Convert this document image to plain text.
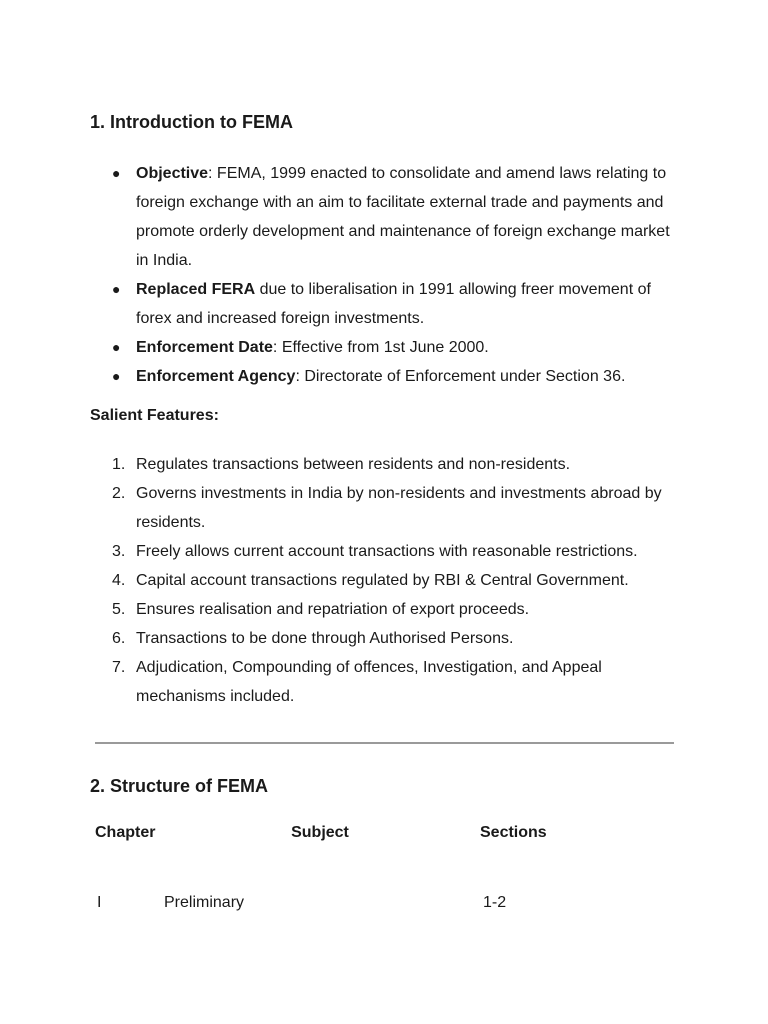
1. Introduction to FEMA
● Objective: FEMA, 1999 enacted to consolidate and amend laws relating to foreign exchange with an aim to facilitate external trade and payments and promote orderly development and maintenance of foreign exchange market in India.
● Replaced FERA due to liberalisation in 1991 allowing freer movement of forex and increased foreign investments.
● Enforcement Date: Effective from 1st June 2000.
● Enforcement Agency: Directorate of Enforcement under Section 36.
Salient Features:
1. Regulates transactions between residents and non-residents.
2. Governs investments in India by non-residents and investments abroad by residents.
3. Freely allows current account transactions with reasonable restrictions.
4. Capital account transactions regulated by RBI & Central Government.
5. Ensures realisation and repatriation of export proceeds.
6. Transactions to be done through Authorised Persons.
7. Adjudication, Compounding of offences, Investigation, and Appeal mechanisms included.
2. Structure of FEMA
Chapter	Subject	Sections
I	Preliminary	1-2
